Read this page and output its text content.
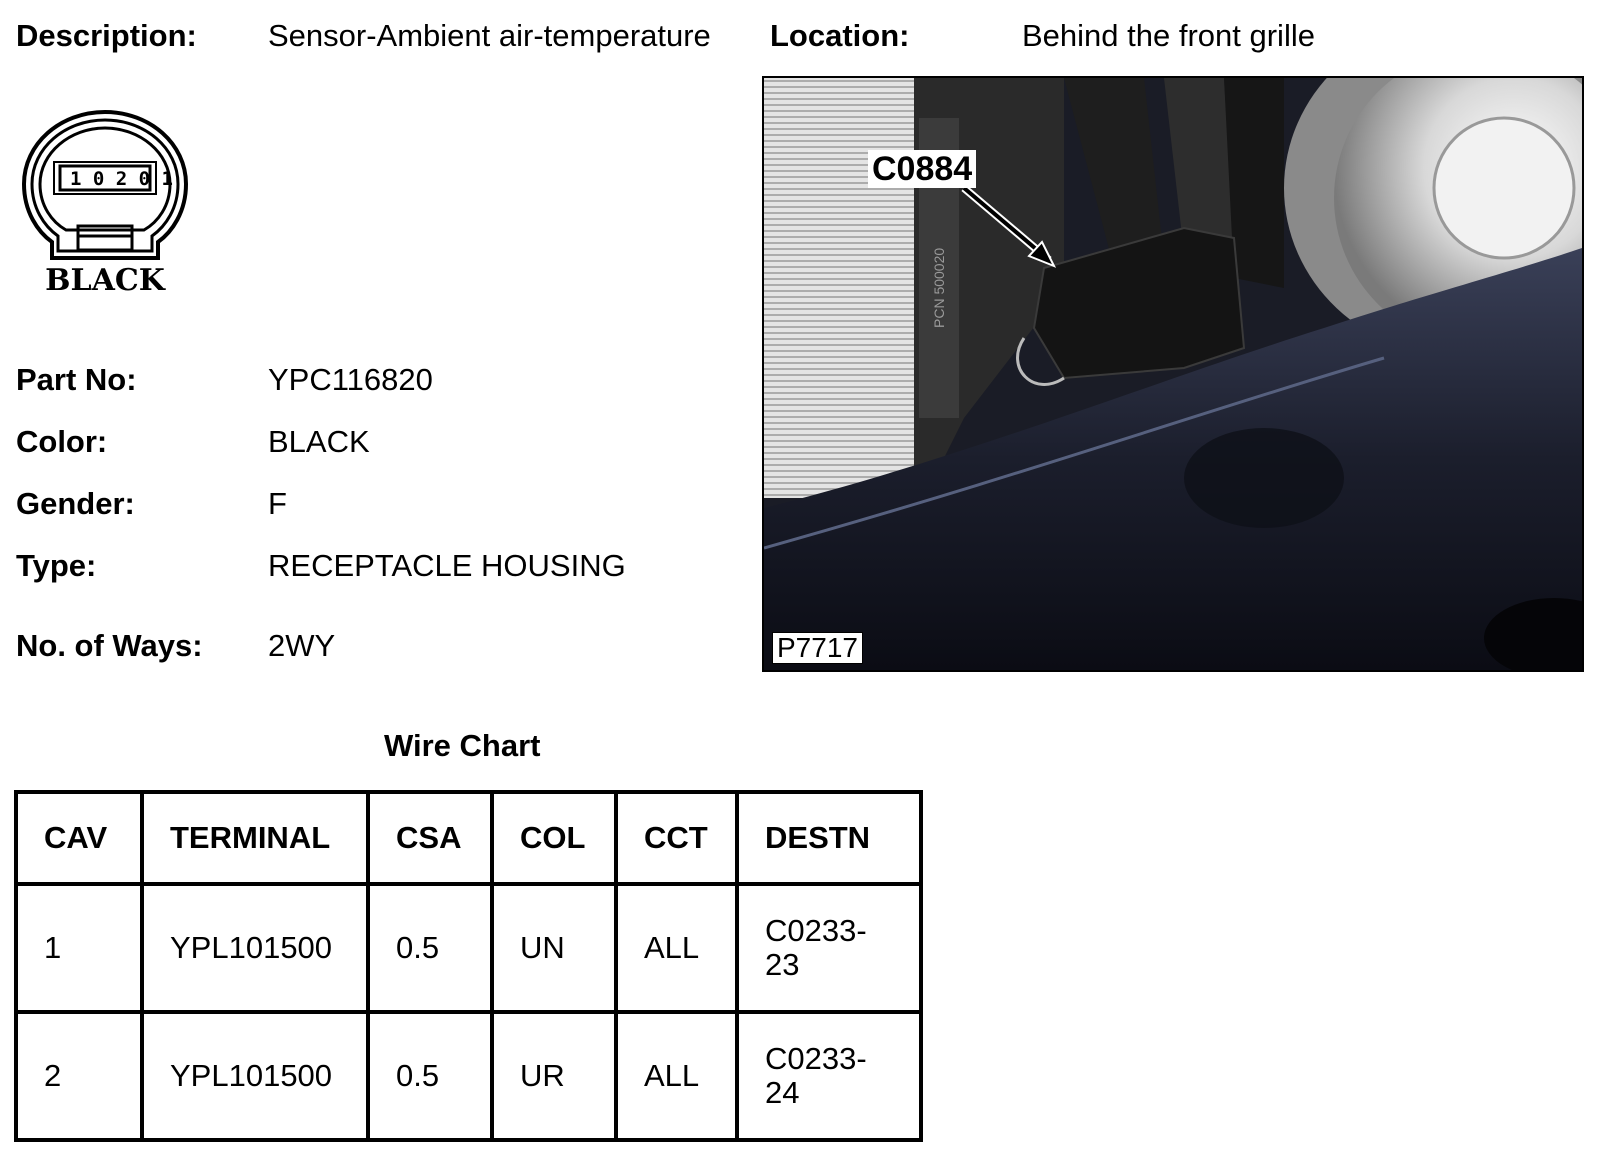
Description: Sensor-Ambient air-temperature Location:	Behind the front grille
1 0 2 0 1
BLACK
Part No:	YPC116820
Color:	BLACK
Gender:	F
Type:	RECEPTACLE HOUSING
No. of Ways: 2WY
PCN 500020
C0884
P7717
Wire Chart
CAV	TERMINAL	CSA	COL	CCT	DESTN
1	YPL101500	0.5	UN	ALL	C0233-
23

2	YPL101500	0.5	UR	ALL	C0233-
24
